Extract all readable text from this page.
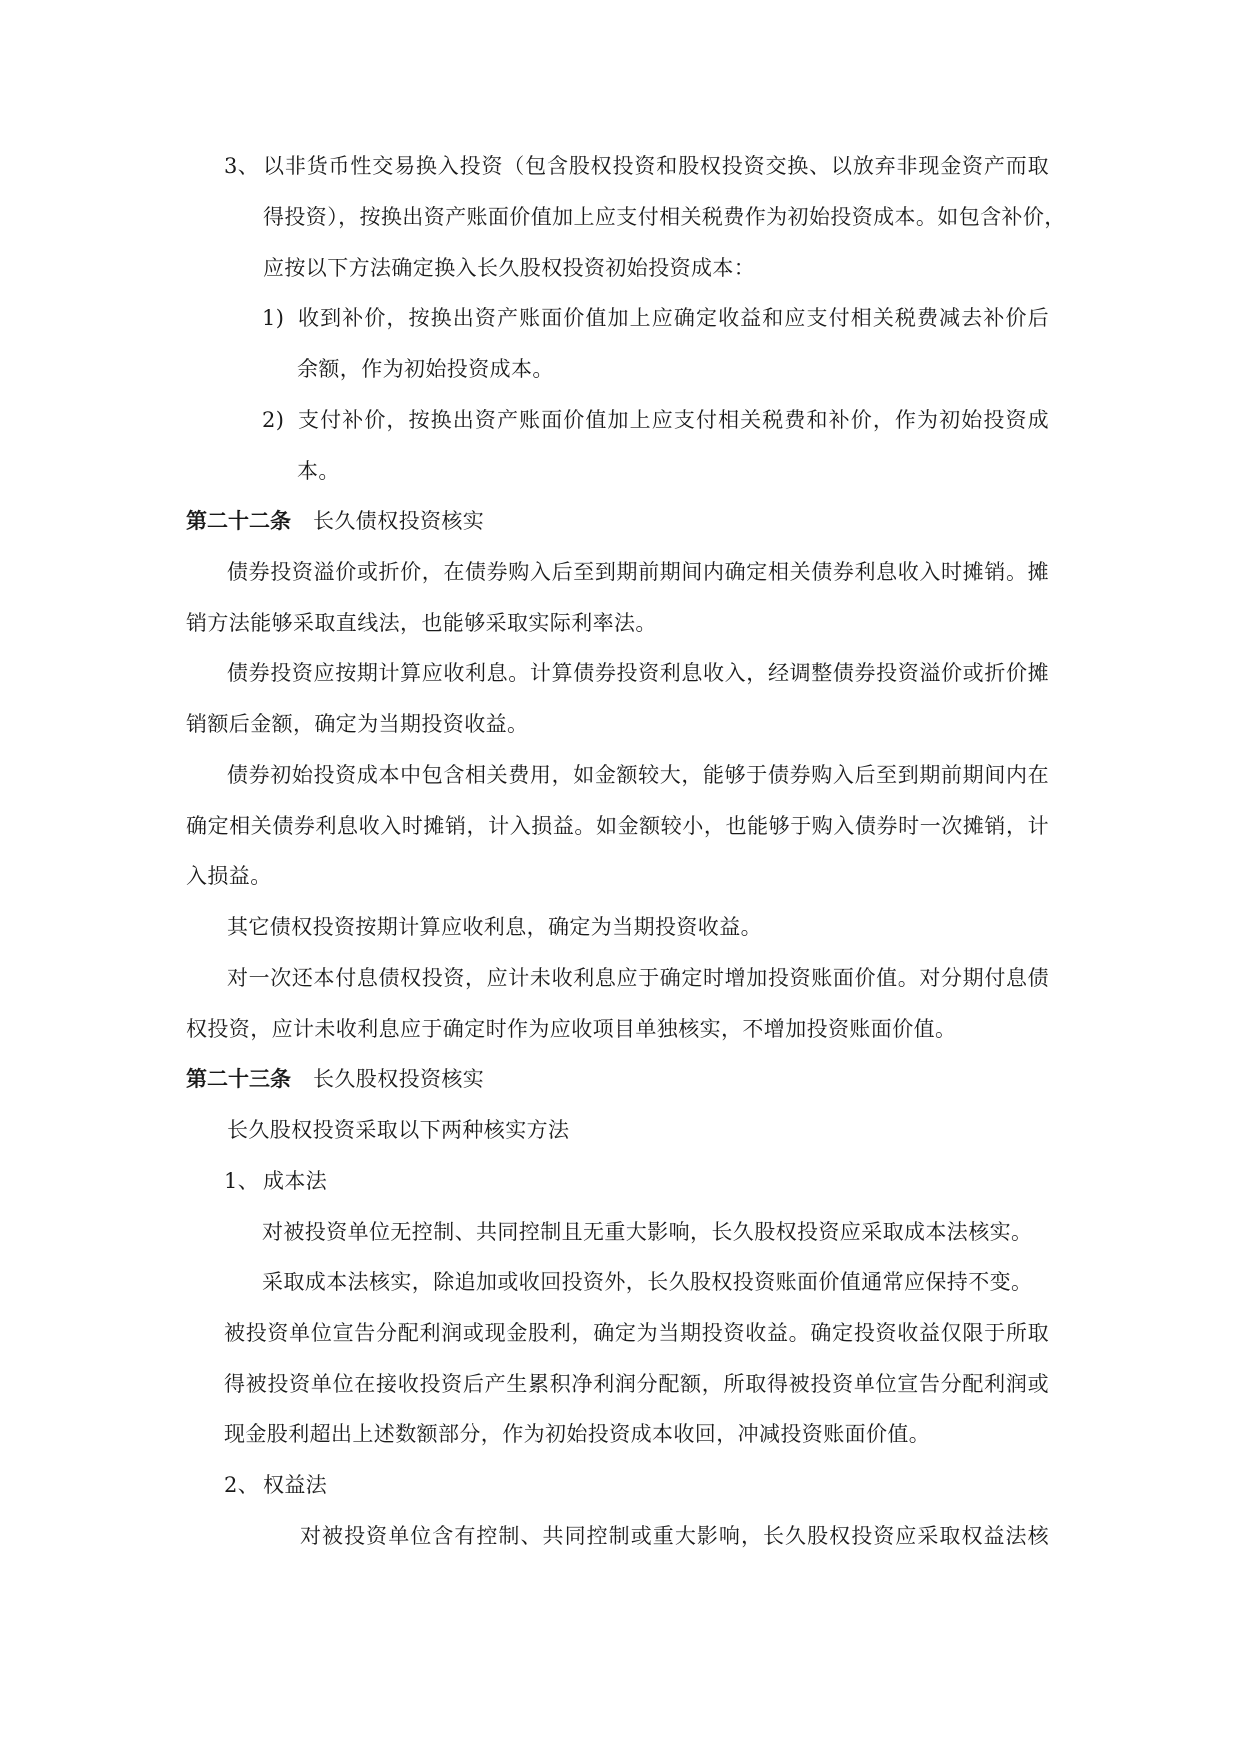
3、 以非货币性交易换入投资（包含股权投资和股权投资交换、以放弃非现金资产而取
得投资），按换出资产账面价值加上应支付相关税费作为初始投资成本。如包含补价，
应按以下方法确定换入长久股权投资初始投资成本：
1) 收到补价，按换出资产账面价值加上应确定收益和应支付相关税费减去补价后
余额，作为初始投资成本。
2) 支付补价，按换出资产账面价值加上应支付相关税费和补价，作为初始投资成
本。
第二十二条 长久债权投资核实
债券投资溢价或折价，在债券购入后至到期前期间内确定相关债券利息收入时摊销。摊
销方法能够采取直线法，也能够采取实际利率法。
债券投资应按期计算应收利息。计算债券投资利息收入，经调整债券投资溢价或折价摊
销额后金额，确定为当期投资收益。
债券初始投资成本中包含相关费用，如金额较大，能够于债券购入后至到期前期间内在
确定相关债券利息收入时摊销，计入损益。如金额较小，也能够于购入债券时一次摊销，计
入损益。
其它债权投资按期计算应收利息，确定为当期投资收益。
对一次还本付息债权投资，应计未收利息应于确定时增加投资账面价值。对分期付息债
权投资，应计未收利息应于确定时作为应收项目单独核实，不增加投资账面价值。
第二十三条 长久股权投资核实
长久股权投资采取以下两种核实方法
1、 成本法
对被投资单位无控制、共同控制且无重大影响，长久股权投资应采取成本法核实。
采取成本法核实，除追加或收回投资外，长久股权投资账面价值通常应保持不变。
被投资单位宣告分配利润或现金股利，确定为当期投资收益。确定投资收益仅限于所取
得被投资单位在接收投资后产生累积净利润分配额，所取得被投资单位宣告分配利润或
现金股利超出上述数额部分，作为初始投资成本收回，冲减投资账面价值。
2、 权益法
对被投资单位含有控制、共同控制或重大影响，长久股权投资应采取权益法核
